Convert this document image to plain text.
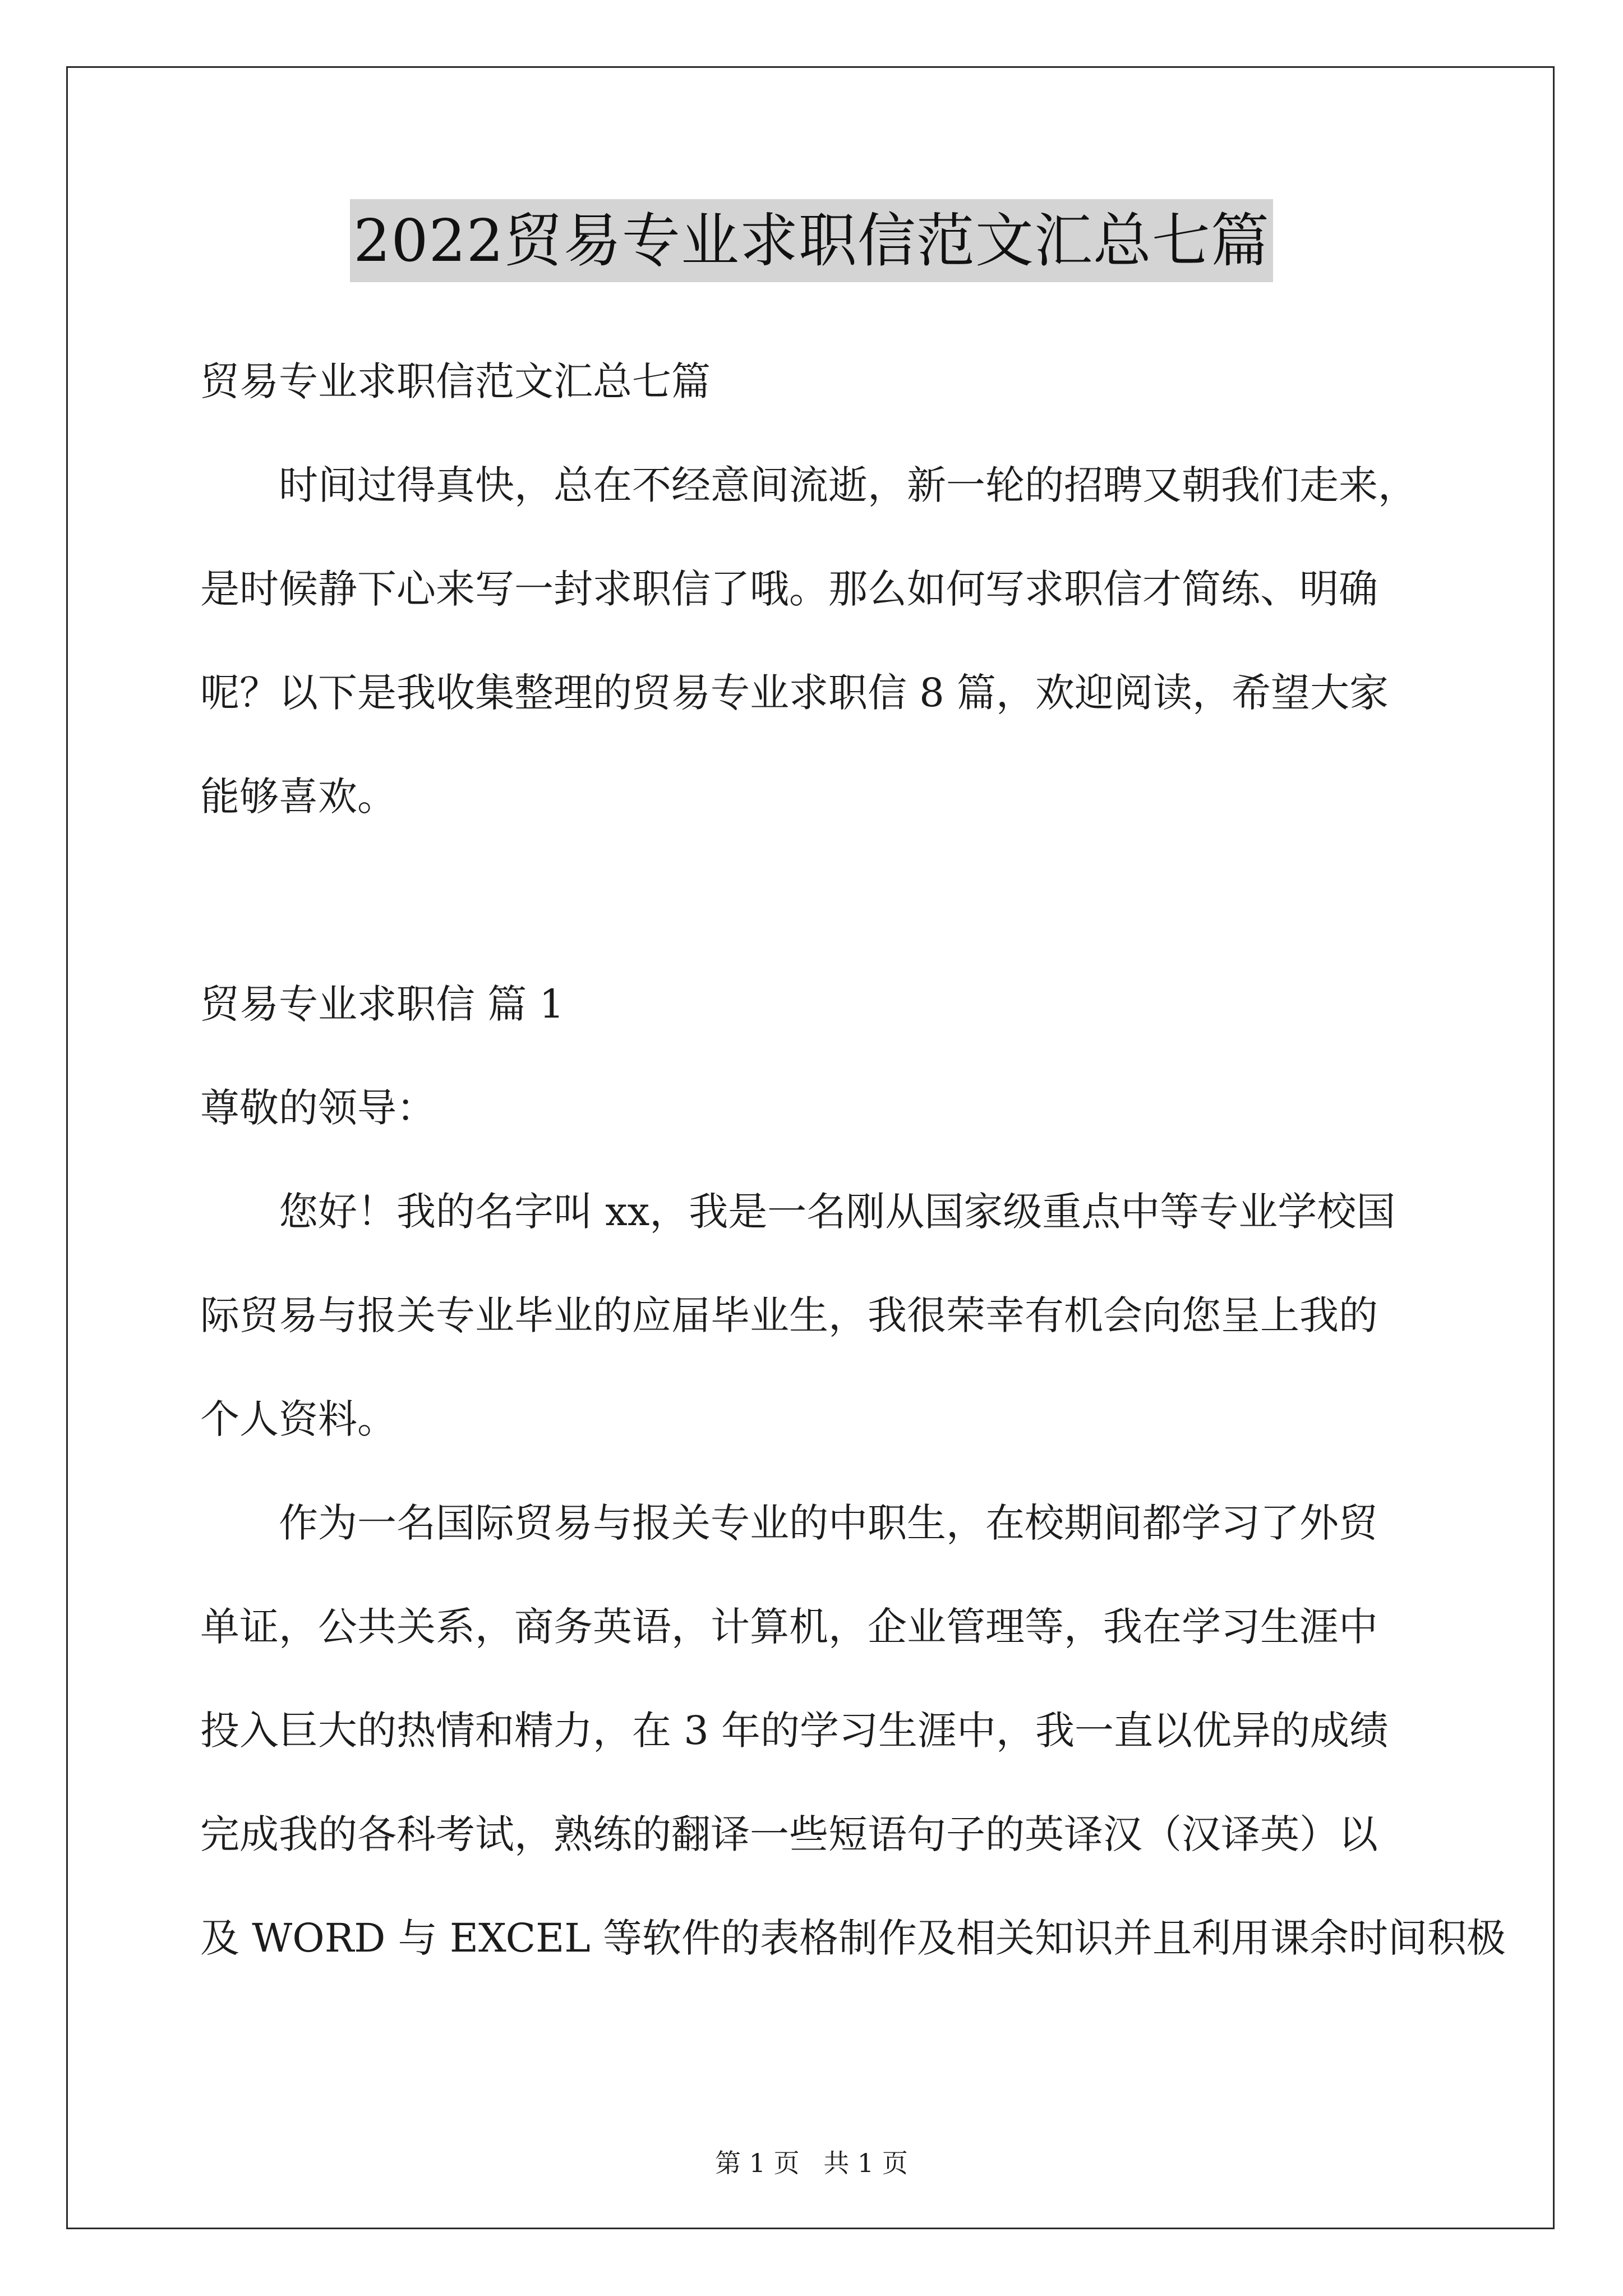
2022贸易专业求职信范文汇总七篇
贸易专业求职信范文汇总七篇
　　时间过得真快，总在不经意间流逝，新一轮的招聘又朝我们走来，
是时候静下心来写一封求职信了哦。那么如何写求职信才简练、明确
呢？以下是我收集整理的贸易专业求职信 8 篇，欢迎阅读，希望大家
能够喜欢。
贸易专业求职信 篇 1
尊敬的领导：
　　您好！我的名字叫 xx，我是一名刚从国家级重点中等专业学校国
际贸易与报关专业毕业的应届毕业生，我很荣幸有机会向您呈上我的
个人资料。
　　作为一名国际贸易与报关专业的中职生，在校期间都学习了外贸
单证，公共关系，商务英语，计算机，企业管理等，我在学习生涯中
投入巨大的热情和精力，在 3 年的学习生涯中，我一直以优异的成绩
完成我的各科考试，熟练的翻译一些短语句子的英译汉（汉译英）以
及 WORD 与 EXCEL 等软件的表格制作及相关知识并且利用课余时间积极
第 1 页 共 1 页
